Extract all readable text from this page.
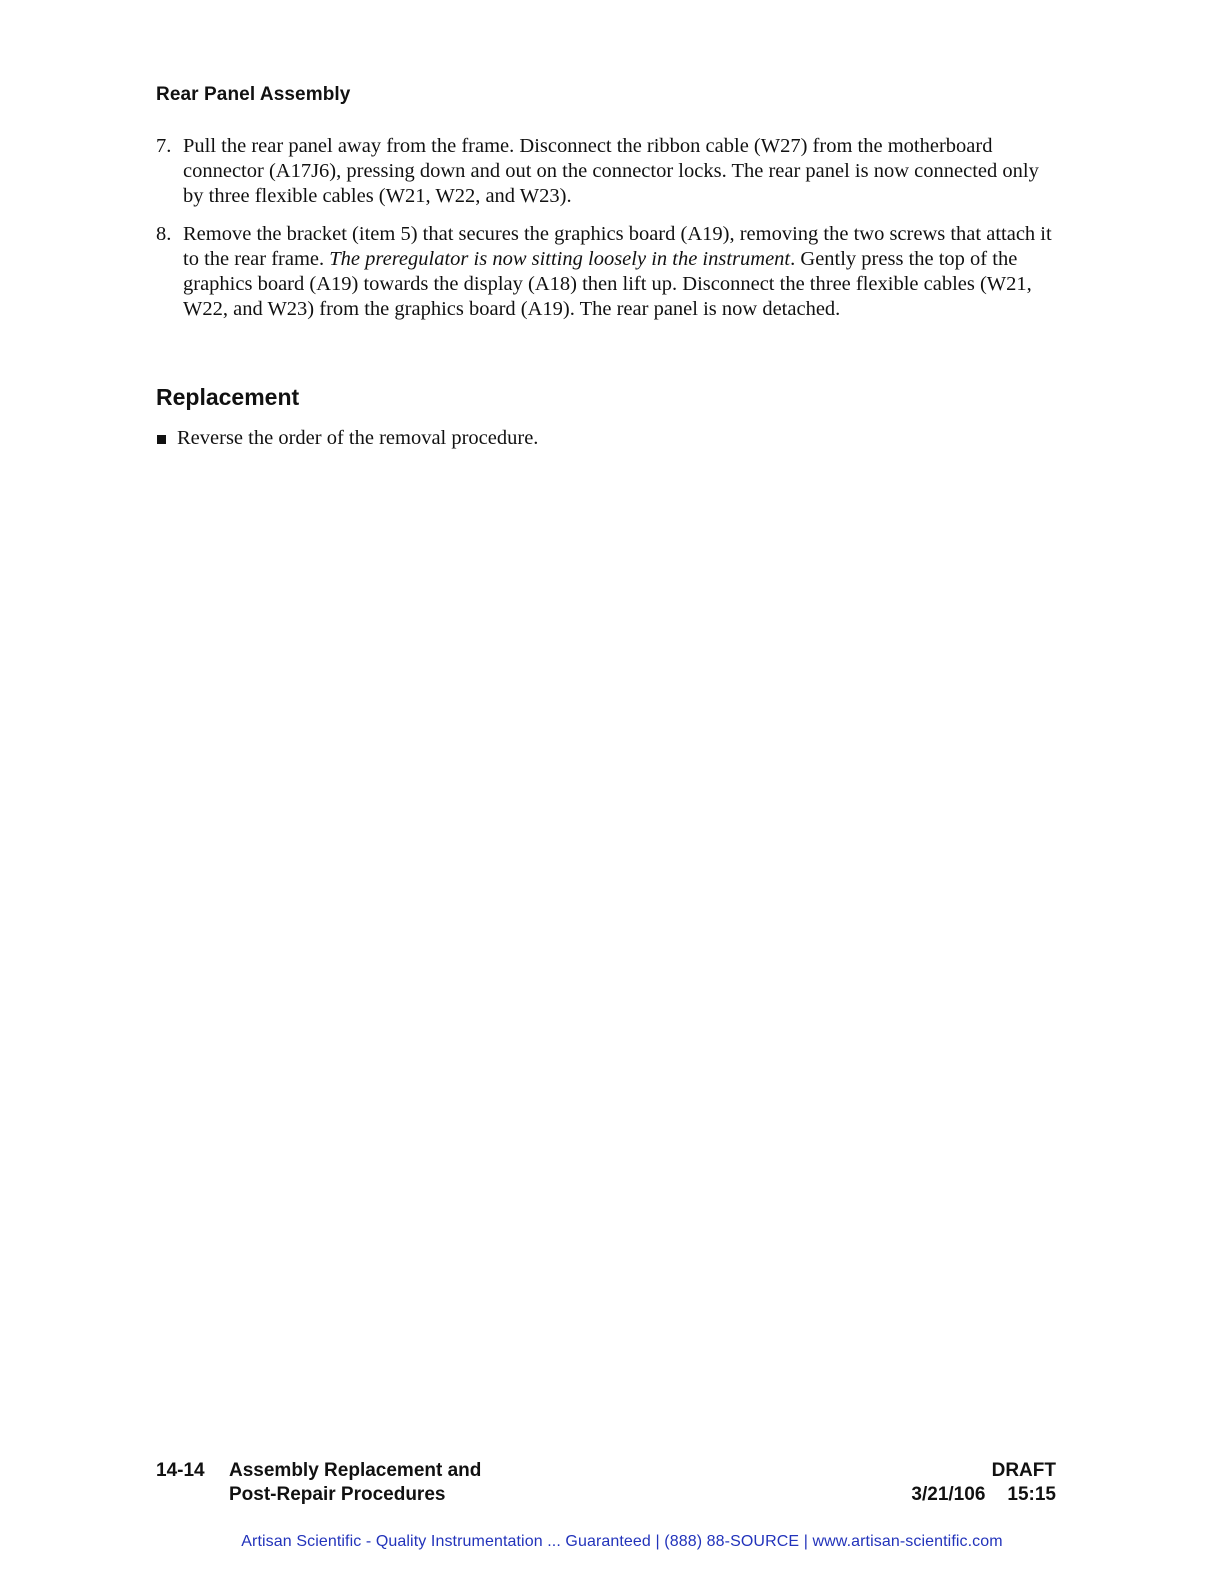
Rear Panel Assembly
7. Pull the rear panel away from the frame. Disconnect the ribbon cable (W27) from the motherboard connector (A17J6), pressing down and out on the connector locks. The rear panel is now connected only by three flexible cables (W21, W22, and W23).
8. Remove the bracket (item 5) that secures the graphics board (A19), removing the two screws that attach it to the rear frame. The preregulator is now sitting loosely in the instrument. Gently press the top of the graphics board (A19) towards the display (A18) then lift up. Disconnect the three flexible cables (W21, W22, and W23) from the graphics board (A19). The rear panel is now detached.
Replacement
Reverse the order of the removal procedure.
14-14 Assembly Replacement and
Post-Repair Procedures
DRAFT
3/21/106 15:15
Artisan Scientific - Quality Instrumentation ... Guaranteed | (888) 88-SOURCE | www.artisan-scientific.com
